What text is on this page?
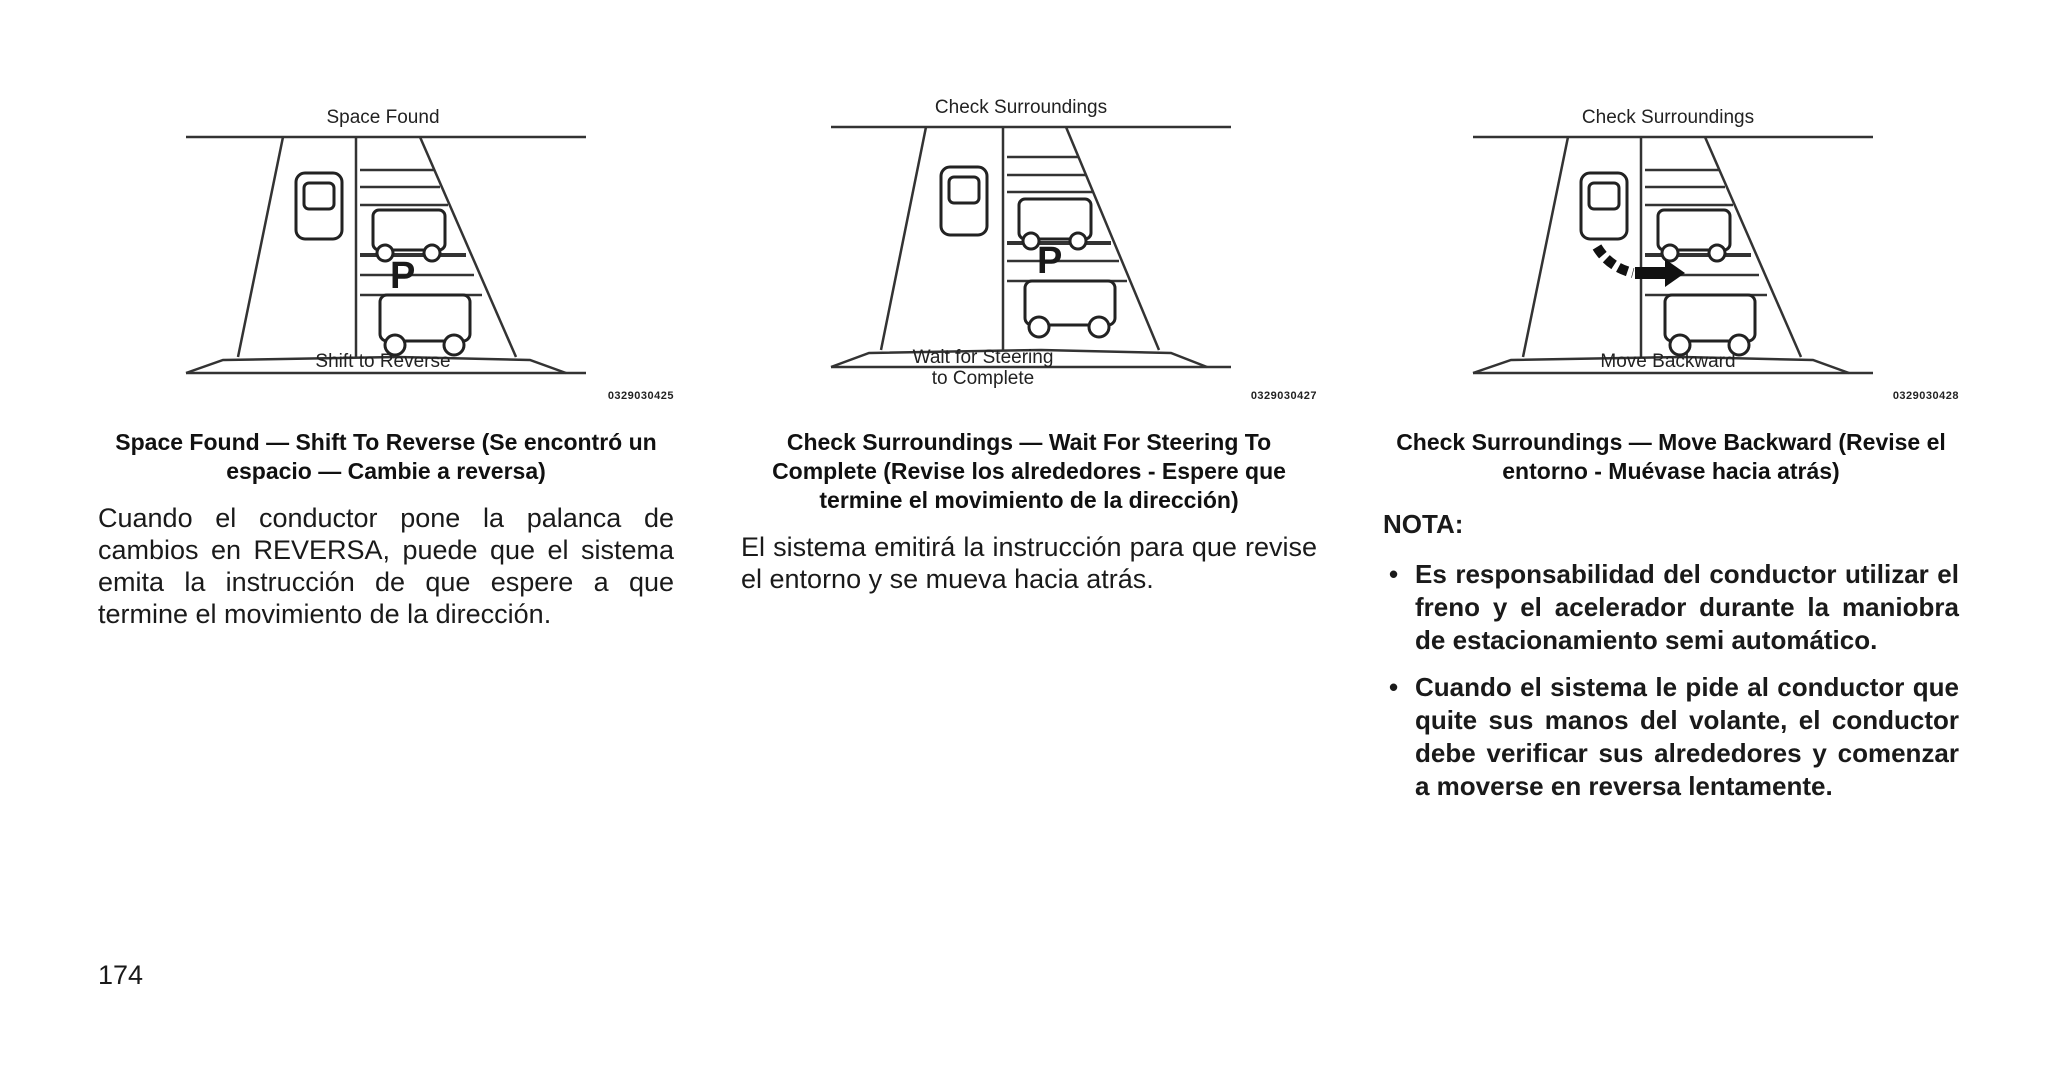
Space Found
Shift to Reverse
P
0329030425
Space Found — Shift To Reverse (Se encontró un espacio — Cambie a reversa)
Cuando el conductor pone la palanca de cambios en REVERSA, puede que el sistema emita la instrucción de que espere a que termine el movimiento de la dirección.
Check Surroundings
Wait for Steering to Complete
P
0329030427
Check Surroundings — Wait For Steering To Complete (Revise los alrededores - Espere que termine el movimiento de la dirección)
El sistema emitirá la instrucción para que revise el entorno y se mueva hacia atrás.
Check Surroundings
Move Backward
0329030428
Check Surroundings — Move Backward (Revise el entorno - Muévase hacia atrás)
NOTA:
• Es responsabilidad del conductor utilizar el freno y el acelerador durante la maniobra de estacionamiento semi automático.
• Cuando el sistema le pide al conductor que quite sus manos del volante, el conductor debe verificar sus alrededores y comenzar a moverse en reversa lentamente.
174
